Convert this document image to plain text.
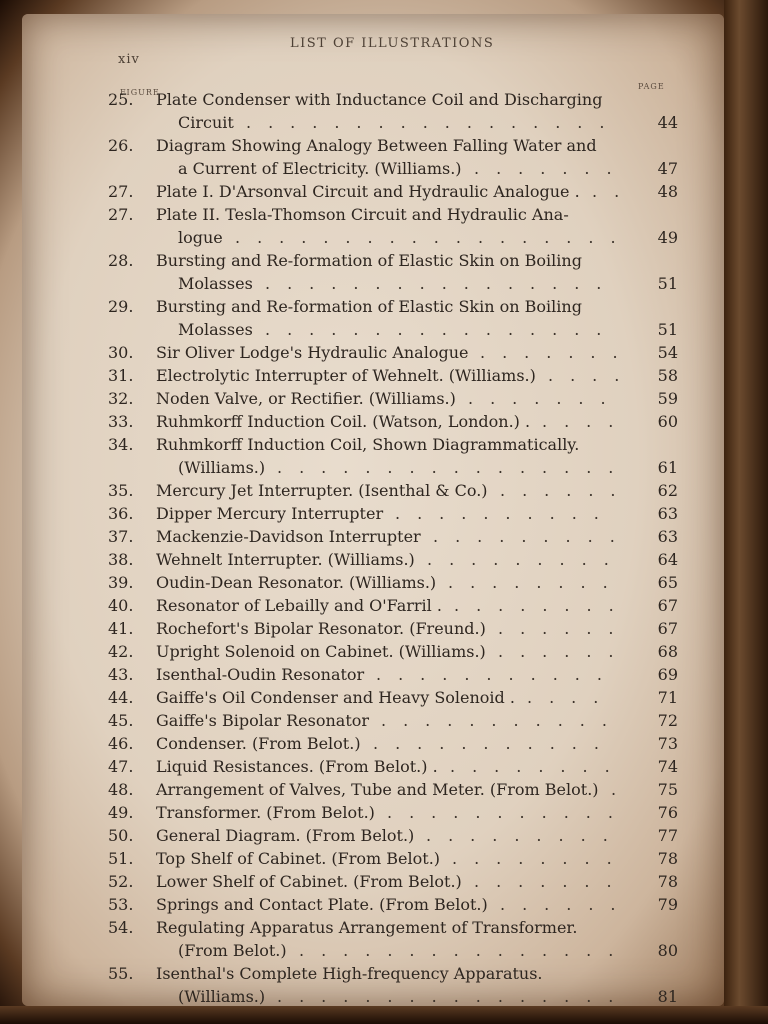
xiv
LIST OF ILLUSTRATIONS
FIGURE
PAGE
25.	Plate Condenser with Inductance Coil and Discharging
Circuit	44
.................
26.	Diagram Showing Analogy Between Falling Water and
a Current of Electricity. (Williams.)	47
.......
27.	Plate I. D'Arsonval Circuit and Hydraulic Analogue .	48
..
27.	Plate II. Tesla-Thomson Circuit and Hydraulic Ana-
logue	49
..................
28.	Bursting and Re-formation of Elastic Skin on Boiling
Molasses	51
................
29.	Bursting and Re-formation of Elastic Skin on Boiling
Molasses	51
................
30.	Sir Oliver Lodge's Hydraulic Analogue	54
.......
31.	Electrolytic Interrupter of Wehnelt. (Williams.)	58
....
32.	Noden Valve, or Rectifier. (Williams.)	59
.......
33.	Ruhmkorff Induction Coil. (Watson, London.) .	60
....
34.	Ruhmkorff Induction Coil, Shown Diagrammatically.
(Williams.)	61
................
35.	Mercury Jet Interrupter. (Isenthal & Co.)	62
......
36.	Dipper Mercury Interrupter	63
..........
37.	Mackenzie-Davidson Interrupter	63
.........
38.	Wehnelt Interrupter. (Williams.)	64
.........
39.	Oudin-Dean Resonator. (Williams.)	65
........
40.	Resonator of Lebailly and O'Farril .	67
........
41.	Rochefort's Bipolar Resonator. (Freund.)	67
......
42.	Upright Solenoid on Cabinet. (Williams.)	68
......
43.	Isenthal-Oudin Resonator	69
...........
44.	Gaiffe's Oil Condenser and Heavy Solenoid .	71
....
45.	Gaiffe's Bipolar Resonator	72
...........
46.	Condenser. (From Belot.)	73
...........
47.	Liquid Resistances. (From Belot.) .	74
........
48.	Arrangement of Valves, Tube and Meter. (From Belot.)	75
.
49.	Transformer. (From Belot.)	76
...........
50.	General Diagram. (From Belot.)	77
.........
51.	Top Shelf of Cabinet. (From Belot.)	78
........
52.	Lower Shelf of Cabinet. (From Belot.)	78
.......
53.	Springs and Contact Plate. (From Belot.)	79
......
54.	Regulating Apparatus Arrangement of Transformer.
(From Belot.)	80
...............
55.	Isenthal's Complete High-frequency Apparatus.
(Williams.)	81
................
